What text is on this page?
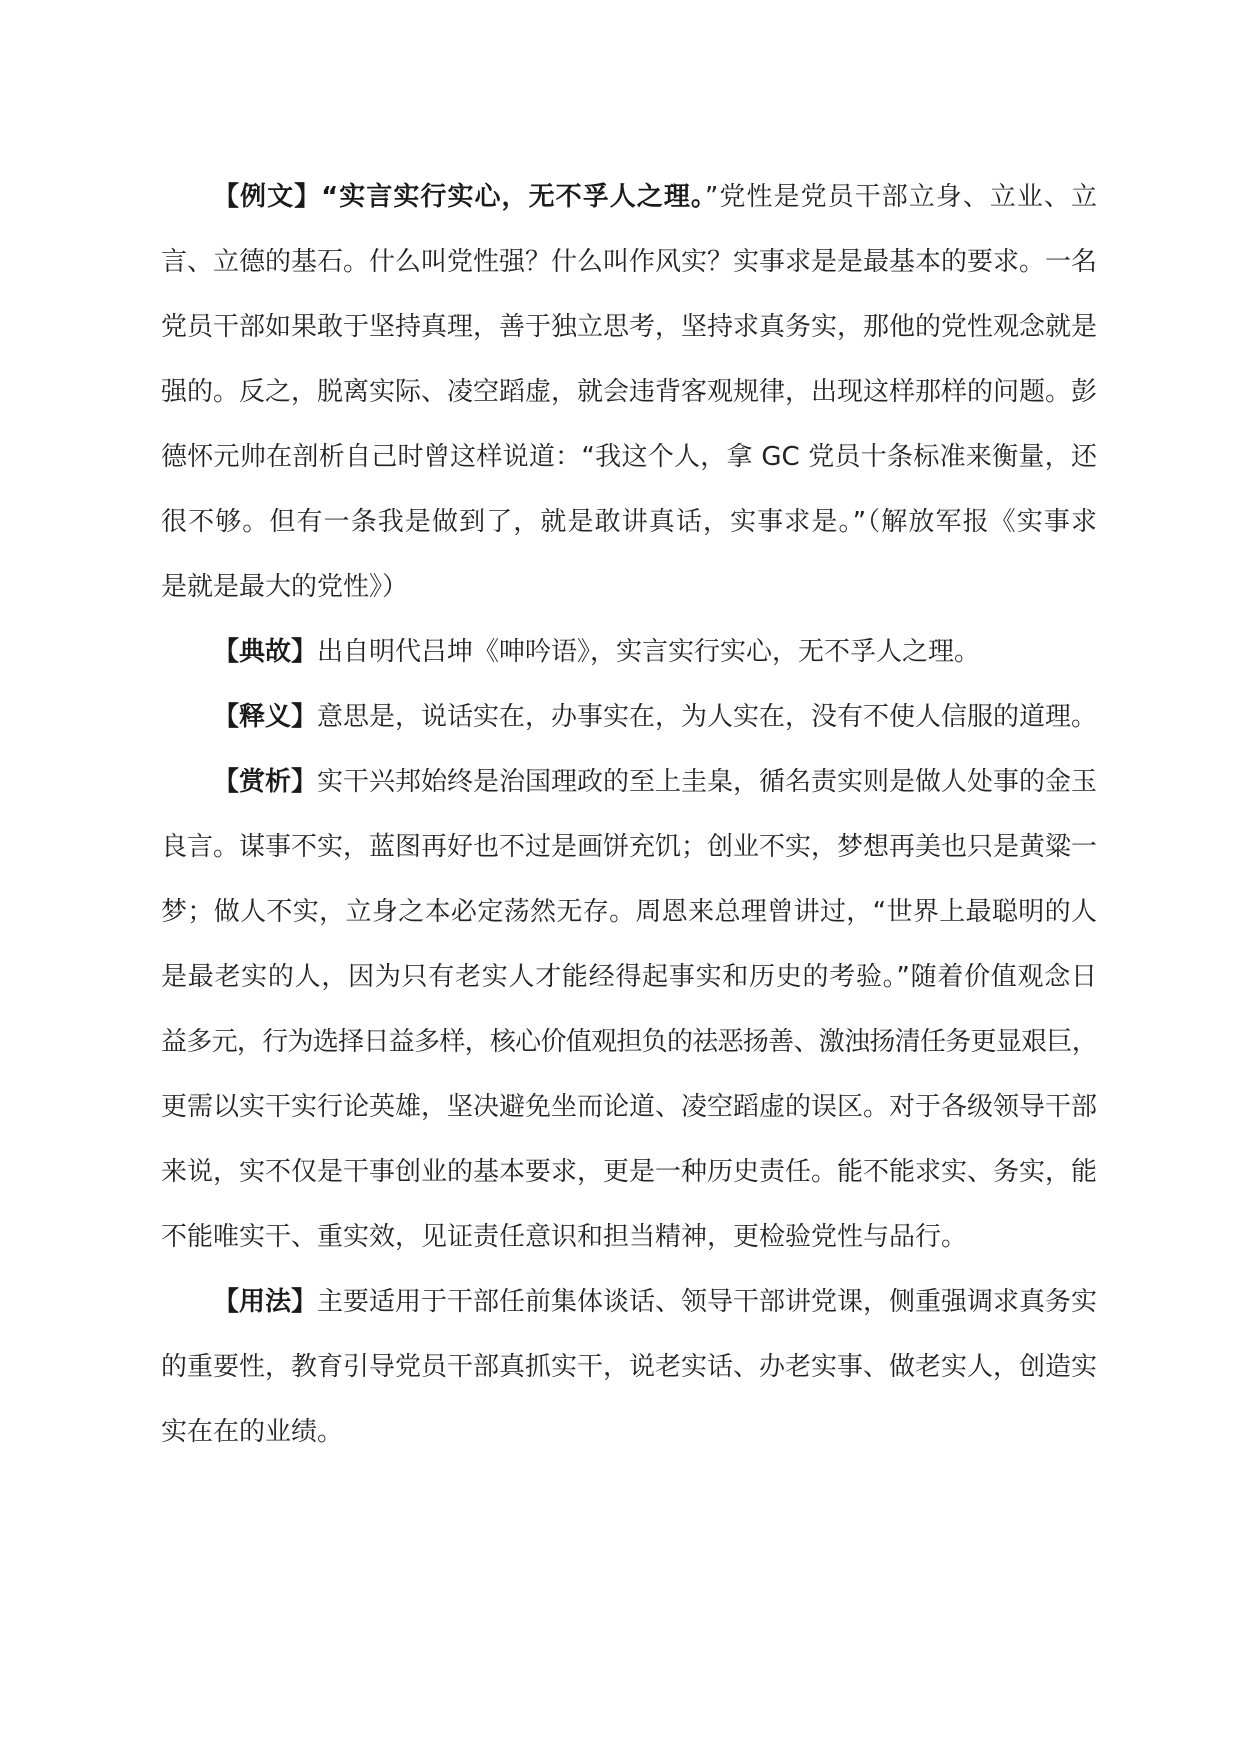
【例文】“实言实行实心，无不孚人之理。”党性是党员干部立身、立业、立
言、立德的基石。什么叫党性强？什么叫作风实？实事求是是最基本的要求。一名
党员干部如果敢于坚持真理，善于独立思考，坚持求真务实，那他的党性观念就是
强的。反之，脱离实际、凌空蹈虚，就会违背客观规律，出现这样那样的问题。彭
德怀元帅在剖析自己时曾这样说道：“我这个人，拿 GC 党员十条标准来衡量，还
很不够。但有一条我是做到了，就是敢讲真话，实事求是。”（解放军报《实事求
是就是最大的党性》）
【典故】出自明代吕坤《呻吟语》，实言实行实心，无不孚人之理。
【释义】意思是，说话实在，办事实在，为人实在，没有不使人信服的道理。
【赏析】实干兴邦始终是治国理政的至上圭臬，循名责实则是做人处事的金玉
良言。谋事不实，蓝图再好也不过是画饼充饥；创业不实，梦想再美也只是黄粱一
梦；做人不实，立身之本必定荡然无存。周恩来总理曾讲过，“世界上最聪明的人
是最老实的人，因为只有老实人才能经得起事实和历史的考验。”随着价值观念日
益多元，行为选择日益多样，核心价值观担负的祛恶扬善、激浊扬清任务更显艰巨，
更需以实干实行论英雄，坚决避免坐而论道、凌空蹈虚的误区。对于各级领导干部
来说，实不仅是干事创业的基本要求，更是一种历史责任。能不能求实、务实，能
不能唯实干、重实效，见证责任意识和担当精神，更检验党性与品行。
【用法】主要适用于干部任前集体谈话、领导干部讲党课，侧重强调求真务实
的重要性，教育引导党员干部真抓实干，说老实话、办老实事、做老实人，创造实
实在在的业绩。
